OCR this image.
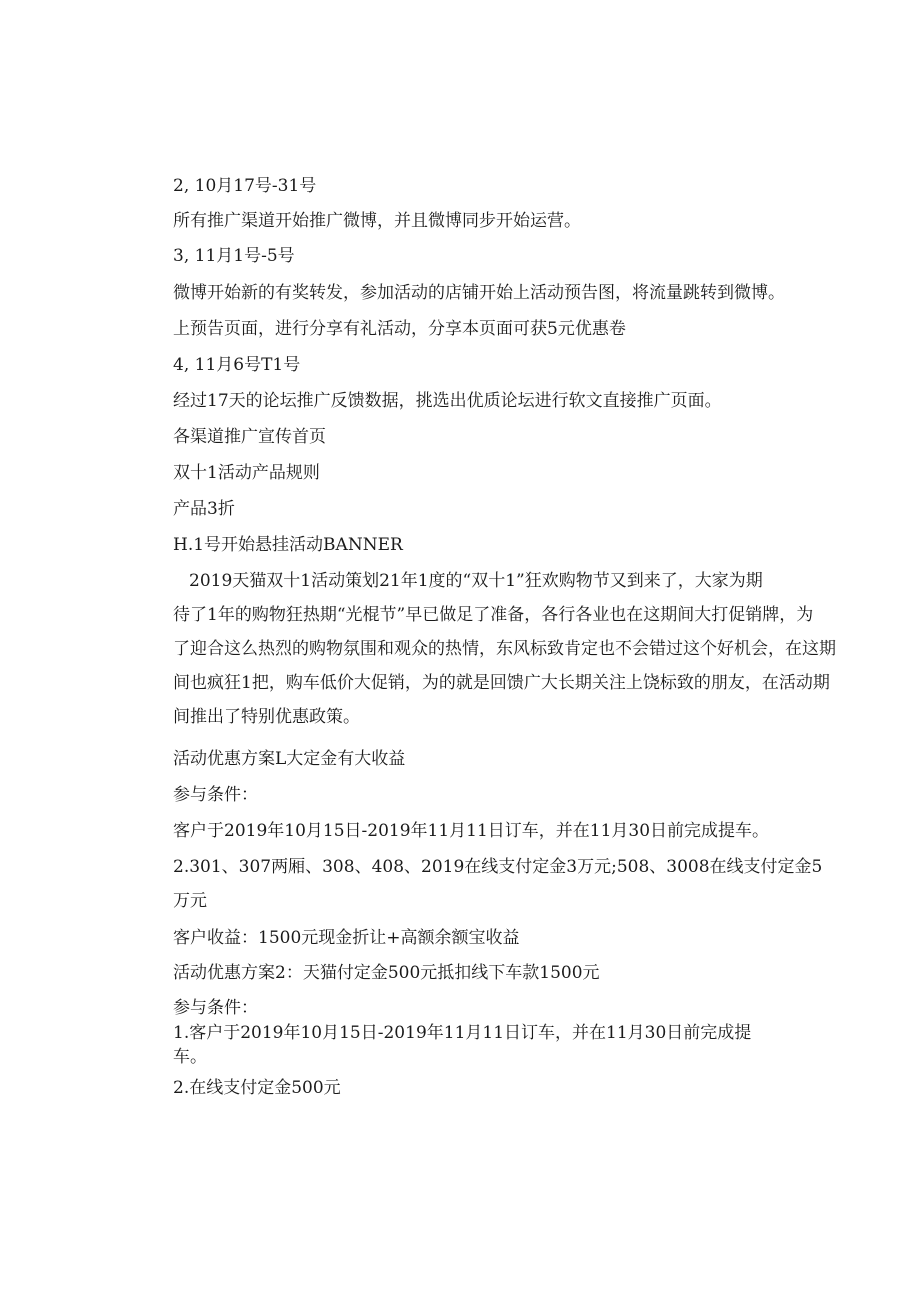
2, 10月17号-31号
所有推广渠道开始推广微博，并且微博同步开始运营。
3, 11月1号-5号
微博开始新的有奖转发，参加活动的店铺开始上活动预告图，将流量跳转到微博。
上预告页面，进行分享有礼活动，分享本页面可获5元优惠卷
4, 11月6号T1号
经过17天的论坛推广反馈数据，挑选出优质论坛进行软文直接推广页面。
各渠道推广宣传首页
双十1活动产品规则
产品3折
H.1号开始悬挂活动BANNER
2019天猫双十1活动策划21年1度的“双十1”狂欢购物节又到来了，大家为期
待了1年的购物狂热期“光棍节”早已做足了准备，各行各业也在这期间大打促销牌，为
了迎合这么热烈的购物氛围和观众的热情，东风标致肯定也不会错过这个好机会，在这期
间也疯狂1把，购车低价大促销，为的就是回馈广大长期关注上饶标致的朋友，在活动期
间推出了特别优惠政策。
活动优惠方案L大定金有大收益
参与条件：
客户于2019年10月15日-2019年11月11日订车，并在11月30日前完成提车。
2.301、307两厢、308、408、2019在线支付定金3万元;508、3008在线支付定金5
万元
客户收益：1500元现金折让+高额余额宝收益
活动优惠方案2：天猫付定金500元抵扣线下车款1500元
参与条件：
1.客户于2019年10月15日-2019年11月11日订车，并在11月30日前完成提
车。
2.在线支付定金500元
